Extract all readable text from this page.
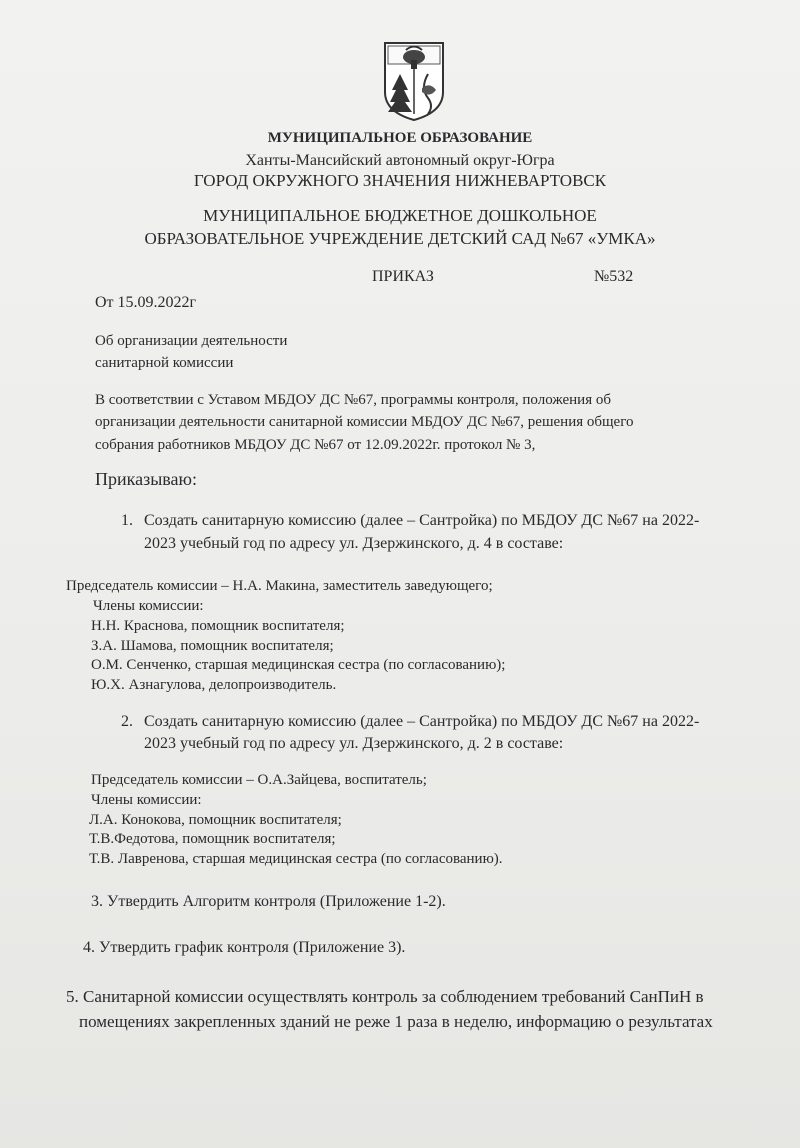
МУНИЦИПАЛЬНОЕ ОБРАЗОВАНИЕ
Ханты-Мансийский автономный округ-Югра
ГОРОД ОКРУЖНОГО ЗНАЧЕНИЯ НИЖНЕВАРТОВСК
МУНИЦИПАЛЬНОЕ БЮДЖЕТНОЕ ДОШКОЛЬНОЕ
ОБРАЗОВАТЕЛЬНОЕ УЧРЕЖДЕНИЕ ДЕТСКИЙ САД №67 «УМКА»
ПРИКАЗ	№532
От 15.09.2022г
Об организации деятельности
санитарной комиссии
В соответствии с Уставом МБДОУ ДС №67, программы контроля, положения об
организации деятельности санитарной комиссии МБДОУ ДС №67, решения общего
собрания работников МБДОУ ДС №67 от 12.09.2022г. протокол № 3,
Приказываю:
1. Создать санитарную комиссию (далее – Сантройка) по МБДОУ ДС №67 на 2022-
2023 учебный год по адресу ул. Дзержинского, д. 4 в составе:
Председатель комиссии – Н.А. Макина, заместитель заведующего;
Члены комиссии:
Н.Н. Краснова, помощник воспитателя;
З.А. Шамова, помощник воспитателя;
О.М. Сенченко, старшая медицинская сестра (по согласованию);
Ю.Х. Азнагулова, делопроизводитель.
2. Создать санитарную комиссию (далее – Сантройка) по МБДОУ ДС №67 на 2022-
2023 учебный год по адресу ул. Дзержинского, д. 2 в составе:
Председатель комиссии – О.А.Зайцева, воспитатель;
Члены комиссии:
Л.А. Конокова, помощник воспитателя;
Т.В.Федотова, помощник воспитателя;
Т.В. Лавренова, старшая медицинская сестра (по согласованию).
3. Утвердить Алгоритм контроля (Приложение 1-2).
4. Утвердить график контроля (Приложение 3).
5. Санитарной комиссии осуществлять контроль за соблюдением требований СанПиН в
помещениях закрепленных зданий не реже 1 раза в неделю, информацию о результатах
